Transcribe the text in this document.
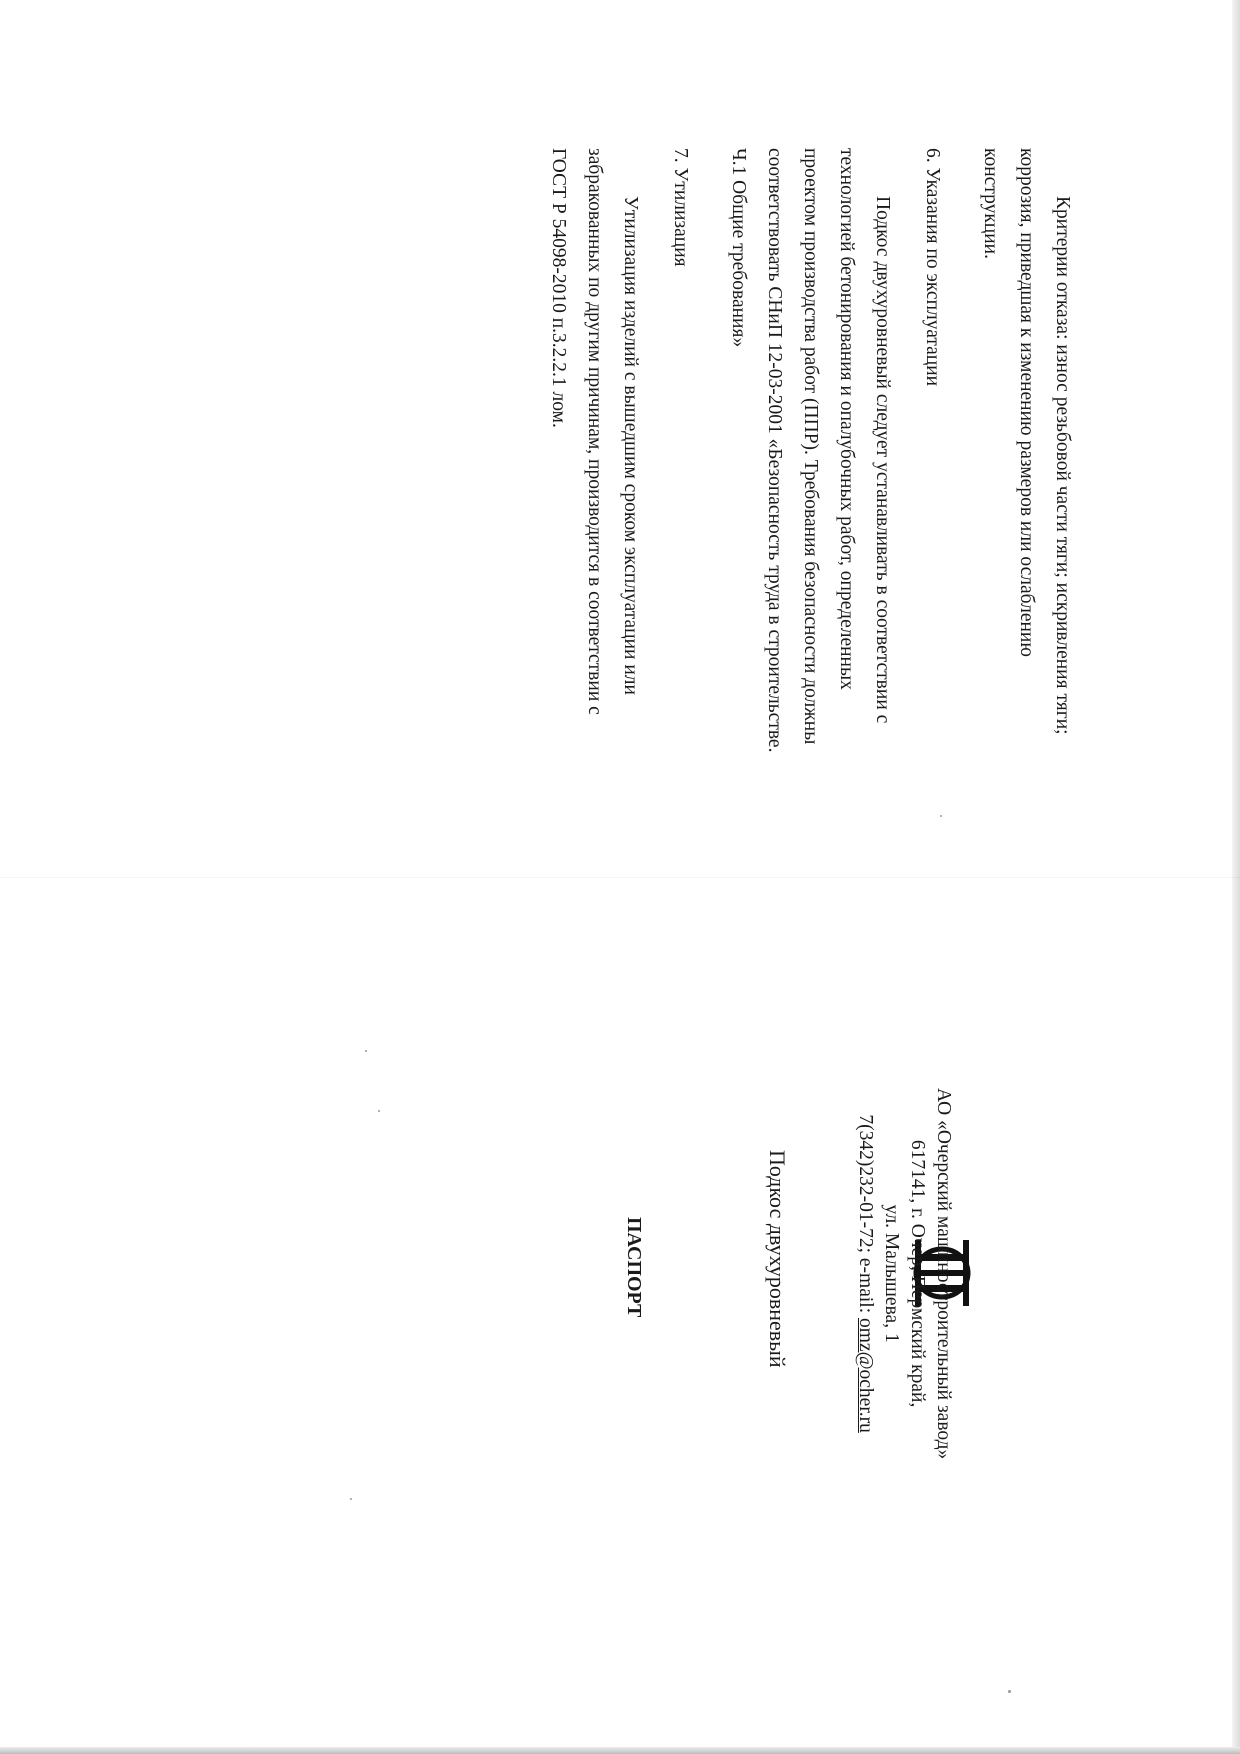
Критерии отказа: износ резьбовой части тяги; искривления тяги;

коррозия, приведшая к изменению размеров или ослаблению

конструкции.

6. Указания по эксплуатации

Подкос двухуровневый следует устанавливать в соответствии с

технологией бетонирования и опалубочных работ, определенных

проектом производства работ (ППР). Требования безопасности должны

соответствовать СНиП 12-03-2001 «Безопасность труда в строительстве.

Ч.1 Общие требования»

7. Утилизация

Утилизация изделий с вышедшим сроком эксплуатации или

забракованных по другим причинам, производится в соответствии с

ГОСТ Р 54098-2010 п.3.2.2.1 лом.

АО «Очерский машиностроительный завод»

617141, г. Очер, Пермский край,

ул. Малышева, 1

7(342)232-01-72; e-mail: omz@ocher.ru

Подкос двухуровневый
ПАСПОРТ
